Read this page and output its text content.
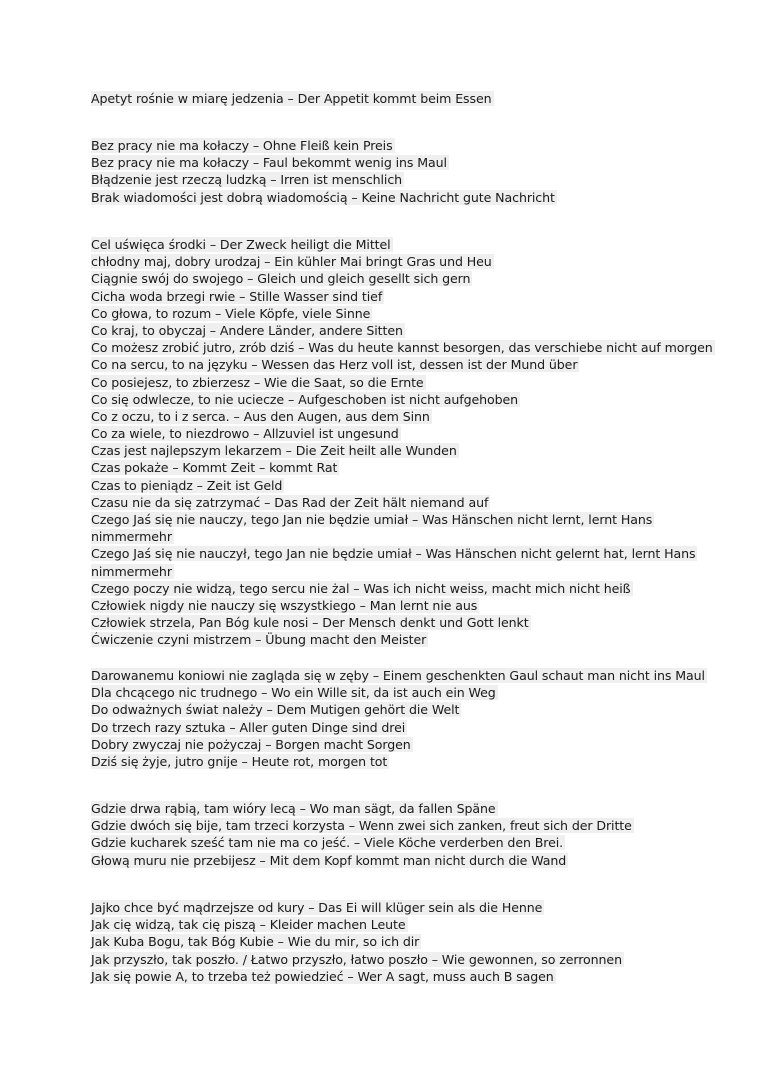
Apetyt rośnie w miarę jedzenia – Der Appetit kommt beim Essen
Bez pracy nie ma kołaczy – Ohne Fleiß kein Preis
Bez pracy nie ma kołaczy – Faul bekommt wenig ins Maul
Błądzenie jest rzeczą ludzką – Irren ist menschlich
Brak wiadomości jest dobrą wiadomością – Keine Nachricht gute Nachricht
Cel uświęca środki – Der Zweck heiligt die Mittel
chłodny maj, dobry urodzaj – Ein kühler Mai bringt Gras und Heu
Ciągnie swój do swojego – Gleich und gleich gesellt sich gern
Cicha woda brzegi rwie – Stille Wasser sind tief
Co głowa, to rozum – Viele Köpfe, viele Sinne
Co kraj, to obyczaj – Andere Länder, andere Sitten
Co możesz zrobić jutro, zrób dziś – Was du heute kannst besorgen, das verschiebe nicht auf morgen
Co na sercu, to na języku – Wessen das Herz voll ist, dessen ist der Mund über
Co posiejesz, to zbierzesz – Wie die Saat, so die Ernte
Co się odwlecze, to nie uciecze – Aufgeschoben ist nicht aufgehoben
Co z oczu, to i z serca. – Aus den Augen, aus dem Sinn
Co za wiele, to niezdrowo – Allzuviel ist ungesund
Czas jest najlepszym lekarzem – Die Zeit heilt alle Wunden
Czas pokaże – Kommt Zeit – kommt Rat
Czas to pieniądz – Zeit ist Geld
Czasu nie da się zatrzymać – Das Rad der Zeit hält niemand auf
Czego Jaś się nie nauczy, tego Jan nie będzie umiał – Was Hänschen nicht lernt, lernt Hans
nimmermehr
Czego Jaś się nie nauczył, tego Jan nie będzie umiał – Was Hänschen nicht gelernt hat, lernt Hans
nimmermehr
Czego poczy nie widzą, tego sercu nie żal – Was ich nicht weiss, macht mich nicht heiß
Człowiek nigdy nie nauczy się wszystkiego – Man lernt nie aus
Człowiek strzela, Pan Bóg kule nosi – Der Mensch denkt und Gott lenkt
Ćwiczenie czyni mistrzem – Übung macht den Meister
Darowanemu koniowi nie zagląda się w zęby – Einem geschenkten Gaul schaut man nicht ins Maul
Dla chcącego nic trudnego – Wo ein Wille sit, da ist auch ein Weg
Do odważnych świat należy – Dem Mutigen gehört die Welt
Do trzech razy sztuka – Aller guten Dinge sind drei
Dobry zwyczaj nie pożyczaj – Borgen macht Sorgen
Dziś się żyje, jutro gnije – Heute rot, morgen tot
Gdzie drwa rąbią, tam wióry lecą – Wo man sägt, da fallen Späne
Gdzie dwóch się bije, tam trzeci korzysta – Wenn zwei sich zanken, freut sich der Dritte
Gdzie kucharek sześć tam nie ma co jeść. – Viele Köche verderben den Brei.
Głową muru nie przebijesz – Mit dem Kopf kommt man nicht durch die Wand
Jajko chce być mądrzejsze od kury – Das Ei will klüger sein als die Henne
Jak cię widzą, tak cię piszą – Kleider machen Leute
Jak Kuba Bogu, tak Bóg Kubie – Wie du mir, so ich dir
Jak przyszło, tak poszło. / Łatwo przyszło, łatwo poszło – Wie gewonnen, so zerronnen
Jak się powie A, to trzeba też powiedzieć – Wer A sagt, muss auch B sagen
